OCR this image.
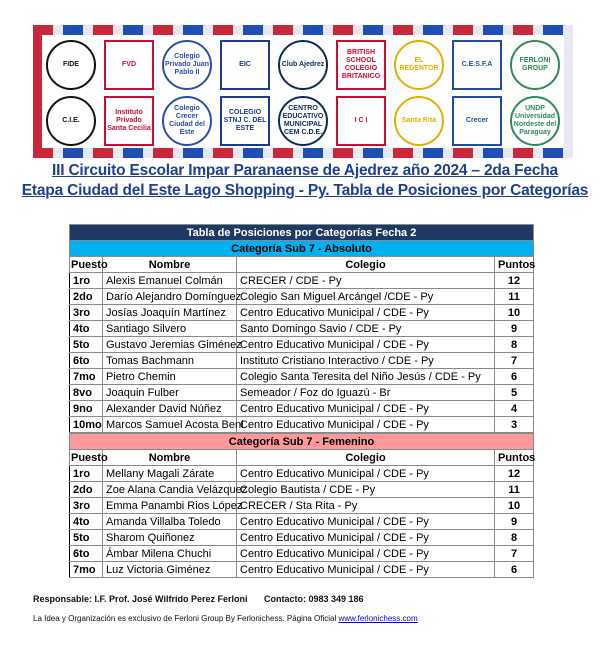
FIDE	FVD
Colegio Privado Juan Pablo II
EIC	Club Ajedrez
BRITISH SCHOOL COLEGIO BRITANICO
EL REDENTOR
C.E.S.F.A
FERLONI GROUP
C.I.E.
Instituto Privado Santa Cecilia
Colegio Crecer Ciudad del Este
COLEGIO STNJ C. DEL ESTE
CENTRO EDUCATIVO MUNICIPAL CEM C.D.E.
I C I	Santa Rita	Crecer
UNDP Universidad Nordeste del Paraguay
III Circuito Escolar Impar Paranaense de Ajedrez año 2024 – 2da Fecha
Etapa Ciudad del Este Lago Shopping - Py. Tabla de Posiciones por Categorías
Tabla de Posiciones por Categorías Fecha 2			
Categoría Sub 7 - Absoluto			
Puesto	Nombre	Colegio	Puntos
1ro	Alexis Emanuel Colmán	CRECER / CDE - Py	12
2do	Darío Alejandro Domínguez	Colegio San Miguel Arcángel /CDE - Py	11
3ro	Josías Joaquín Martínez	Centro Educativo Municipal / CDE - Py	10
4to	Santiago Silvero	Santo Domingo Savio / CDE - Py	9
5to	Gustavo Jeremias Giménez	Centro Educativo Municipal / CDE - Py	8
6to	Tomas Bachmann	Instituto Cristiano Interactivo / CDE - Py	7
7mo	Pietro Chemin	Colegio Santa Teresita del Niño Jesús / CDE - Py	6
8vo	Joaquin Fulber	Semeador / Foz do Iguazú - Br	5
9no	Alexander David Núñez	Centro Educativo Municipal / CDE - Py	4
10mo	Marcos Samuel Acosta Beni	Centro Educativo Municipal / CDE - Py	3

Categoría Sub 7 - Femenino			
Puesto	Nombre	Colegio	Puntos
1ro	Mellany Magali Zárate	Centro Educativo Municipal / CDE - Py	12
2do	Zoe Alana Candia Velázquez	Colegio Bautista / CDE - Py	11
3ro	Emma Panambi Rios López	CRECER / Sta Rita - Py	10
4to	Amanda Villalba Toledo	Centro Educativo Municipal / CDE - Py	9
5to	Sharom Quiñonez	Centro Educativo Municipal / CDE - Py	8
6to	Ámbar Milena Chuchi	Centro Educativo Municipal / CDE - Py	7
7mo	Luz Victoria Giménez	Centro Educativo Municipal / CDE - Py	6
Responsable: I.F. Prof. José Wilfrido Perez Ferloni Contacto: 0983 349 186
La Idea y Organización es exclusivo de Ferloni Group By Ferlonichess. Página Oficial www.ferlonichess.com
